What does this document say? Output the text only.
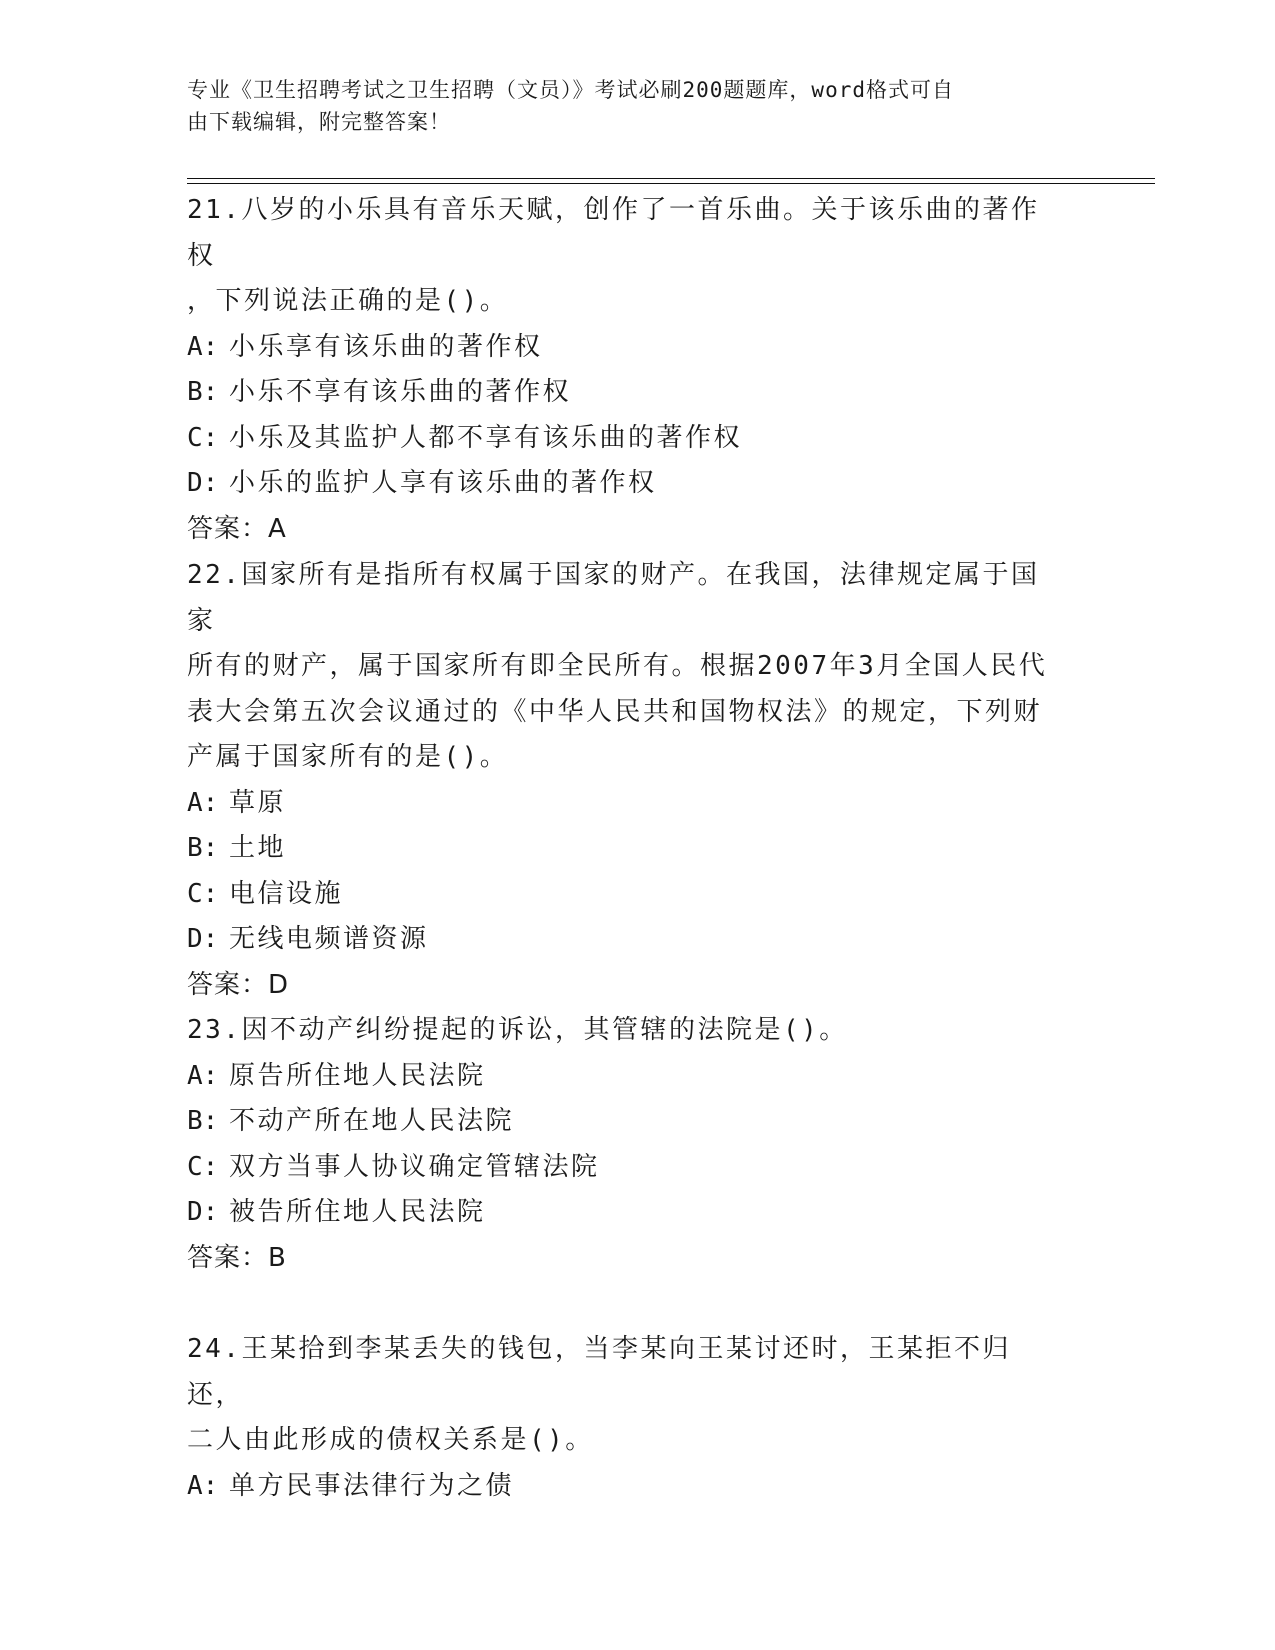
专业《卫生招聘考试之卫生招聘（文员）》考试必刷200题题库，word格式可自
由下载编辑，附完整答案！
21.八岁的小乐具有音乐天赋，创作了一首乐曲。关于该乐曲的著作权
，下列说法正确的是()。
A: 小乐享有该乐曲的著作权
B: 小乐不享有该乐曲的著作权
C: 小乐及其监护人都不享有该乐曲的著作权
D: 小乐的监护人享有该乐曲的著作权
答案：A
22.国家所有是指所有权属于国家的财产。在我国，法律规定属于国家
所有的财产，属于国家所有即全民所有。根据2007年3月全国人民代
表大会第五次会议通过的《中华人民共和国物权法》的规定，下列财
产属于国家所有的是()。
A: 草原
B: 土地
C: 电信设施
D: 无线电频谱资源
答案：D
23.因不动产纠纷提起的诉讼，其管辖的法院是()。
A: 原告所住地人民法院
B: 不动产所在地人民法院
C: 双方当事人协议确定管辖法院
D: 被告所住地人民法院
答案：B
24.王某拾到李某丢失的钱包，当李某向王某讨还时，王某拒不归还，
二人由此形成的债权关系是()。
A: 单方民事法律行为之债
